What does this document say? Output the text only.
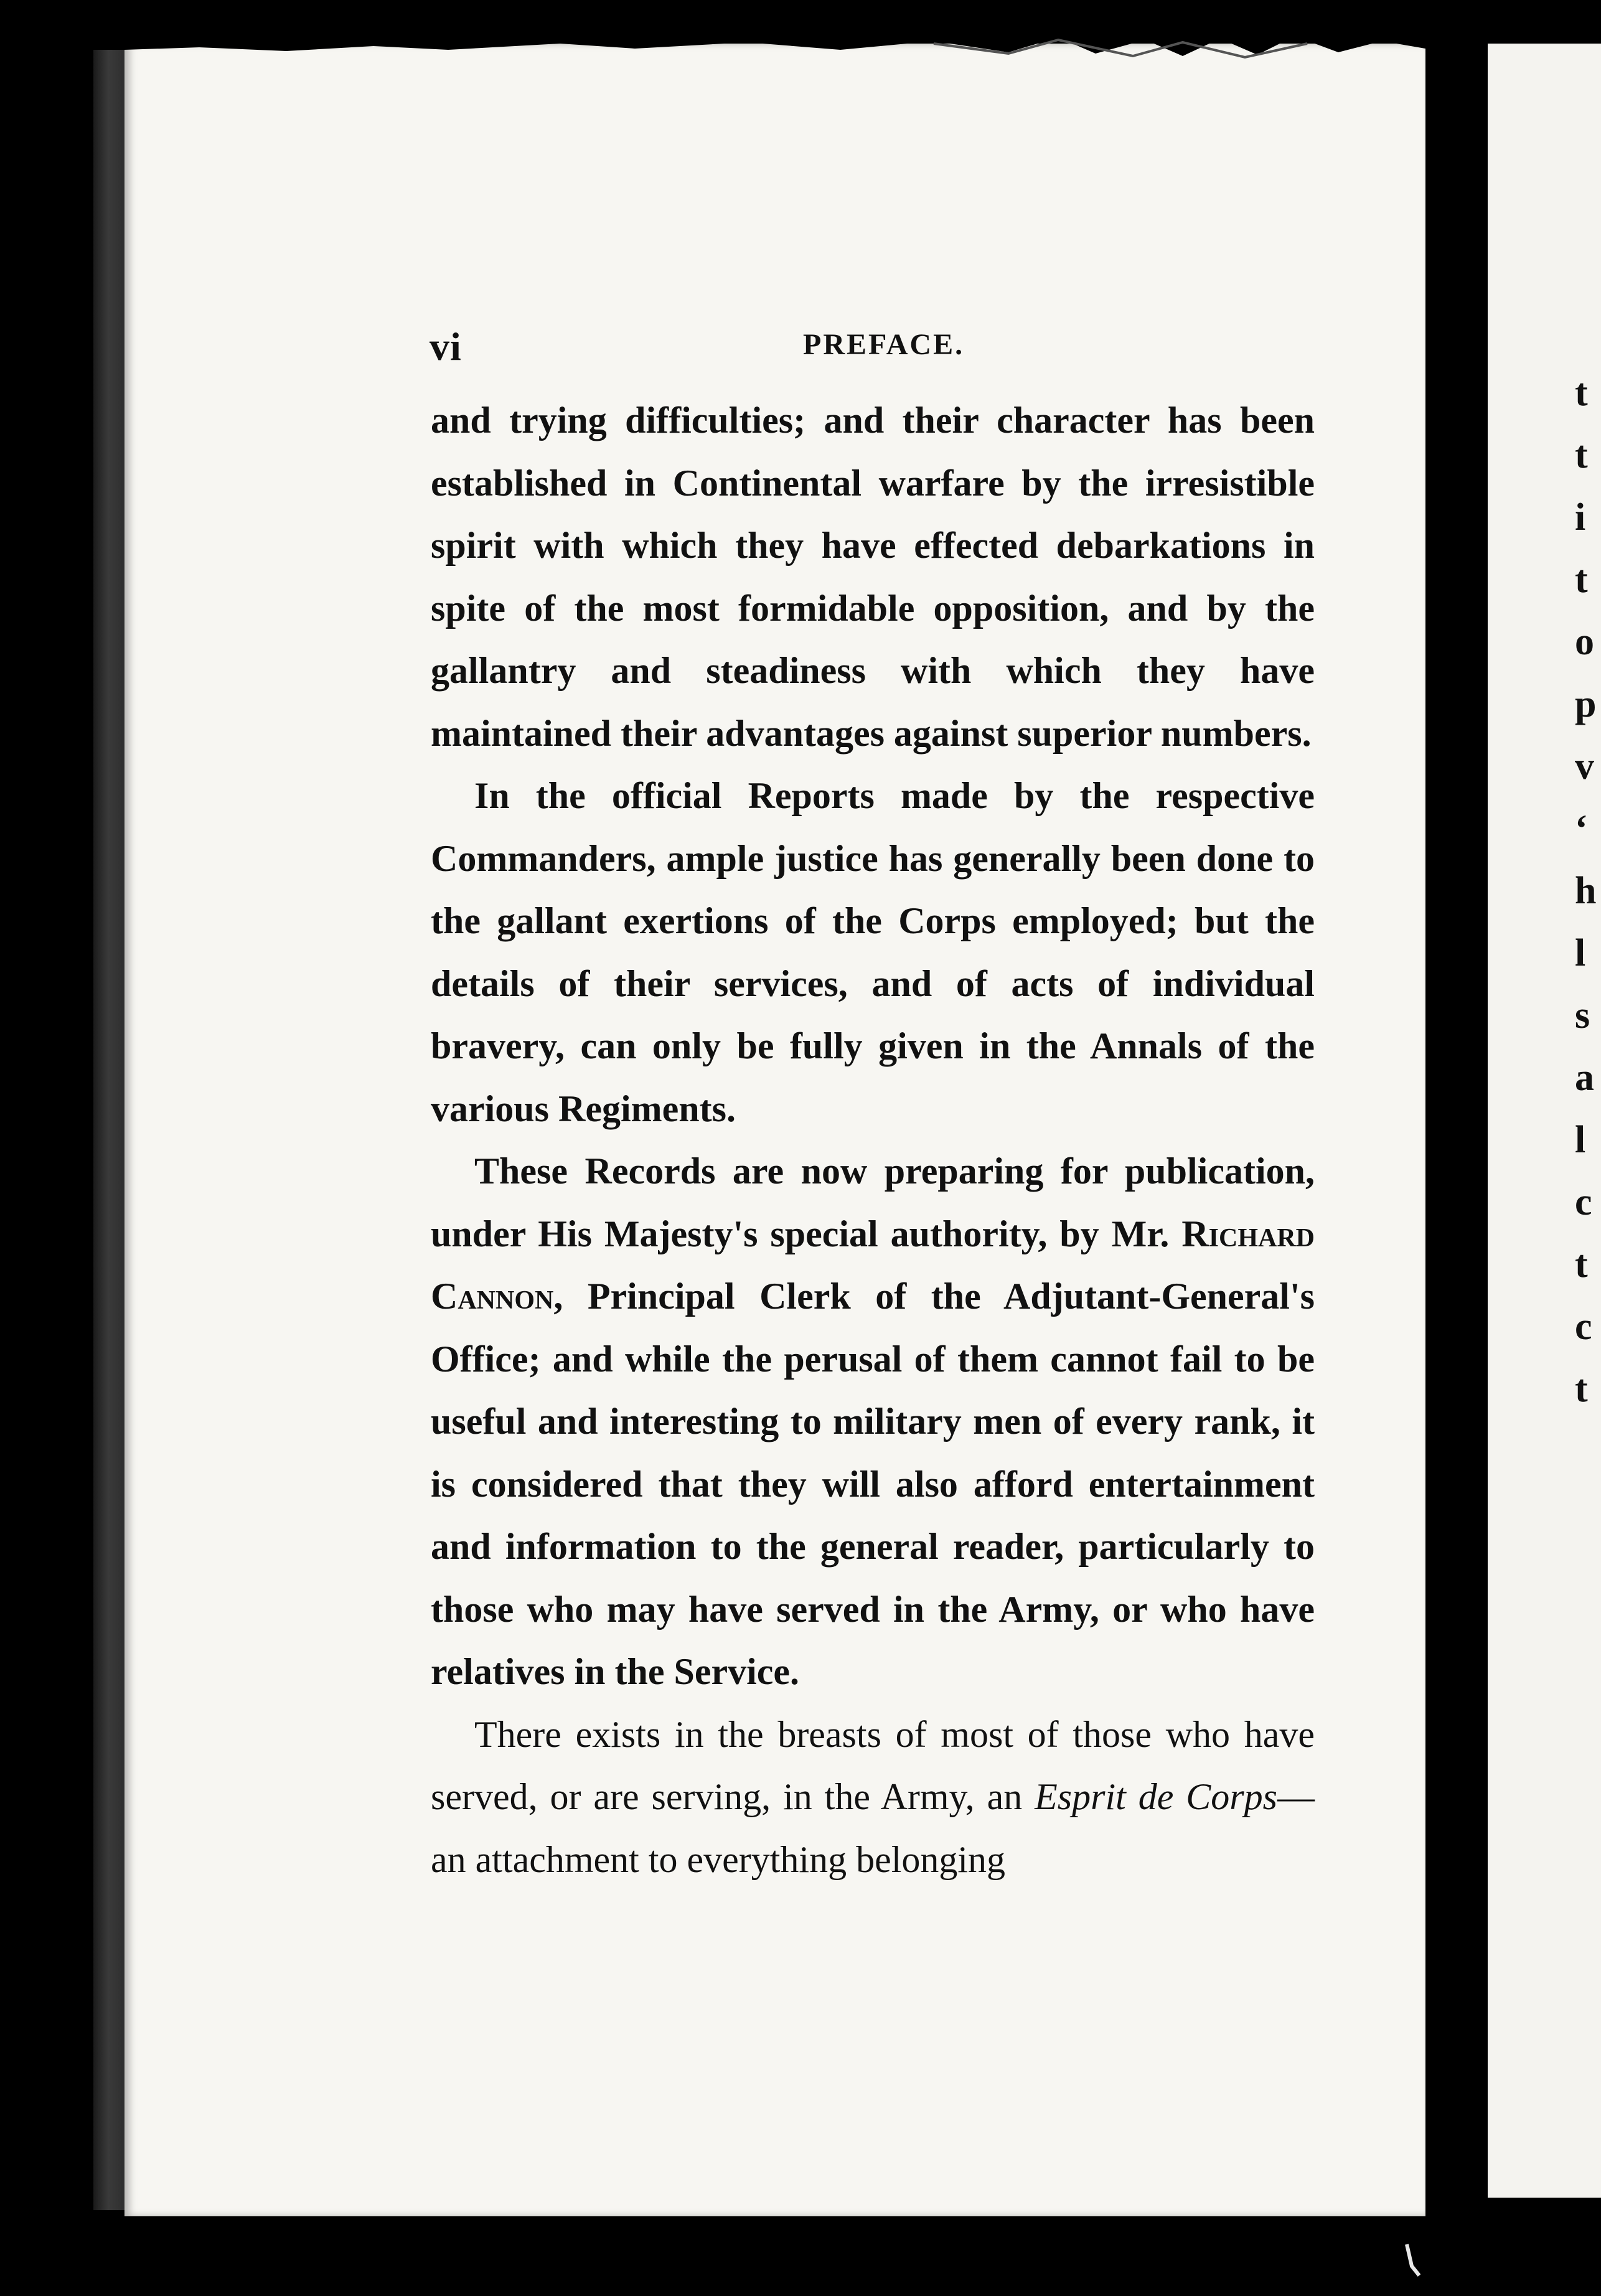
t
t
i
t
o
p
v
‘
h
l
s
a
l
c
t
c
t
vi	PREFACE.

and trying difficulties; and their character has been established in Continental warfare by the irresistible spirit with which they have effected debarkations in spite of the most formidable opposition, and by the gallantry and steadiness with which they have maintained their advantages against superior numbers.

In the official Reports made by the respective Commanders, ample justice has generally been done to the gallant exertions of the Corps employed; but the details of their services, and of acts of individual bravery, can only be fully given in the Annals of the various Regiments.

These Records are now preparing for publication, under His Majesty's special authority, by Mr. Richard Cannon, Principal Clerk of the Adjutant-General's Office; and while the perusal of them cannot fail to be useful and interesting to military men of every rank, it is considered that they will also afford entertainment and information to the general reader, particularly to those who may have served in the Army, or who have relatives in the Service.

There exists in the breasts of most of those who have served, or are serving, in the Army, an Esprit de Corps—an attachment to everything belonging
